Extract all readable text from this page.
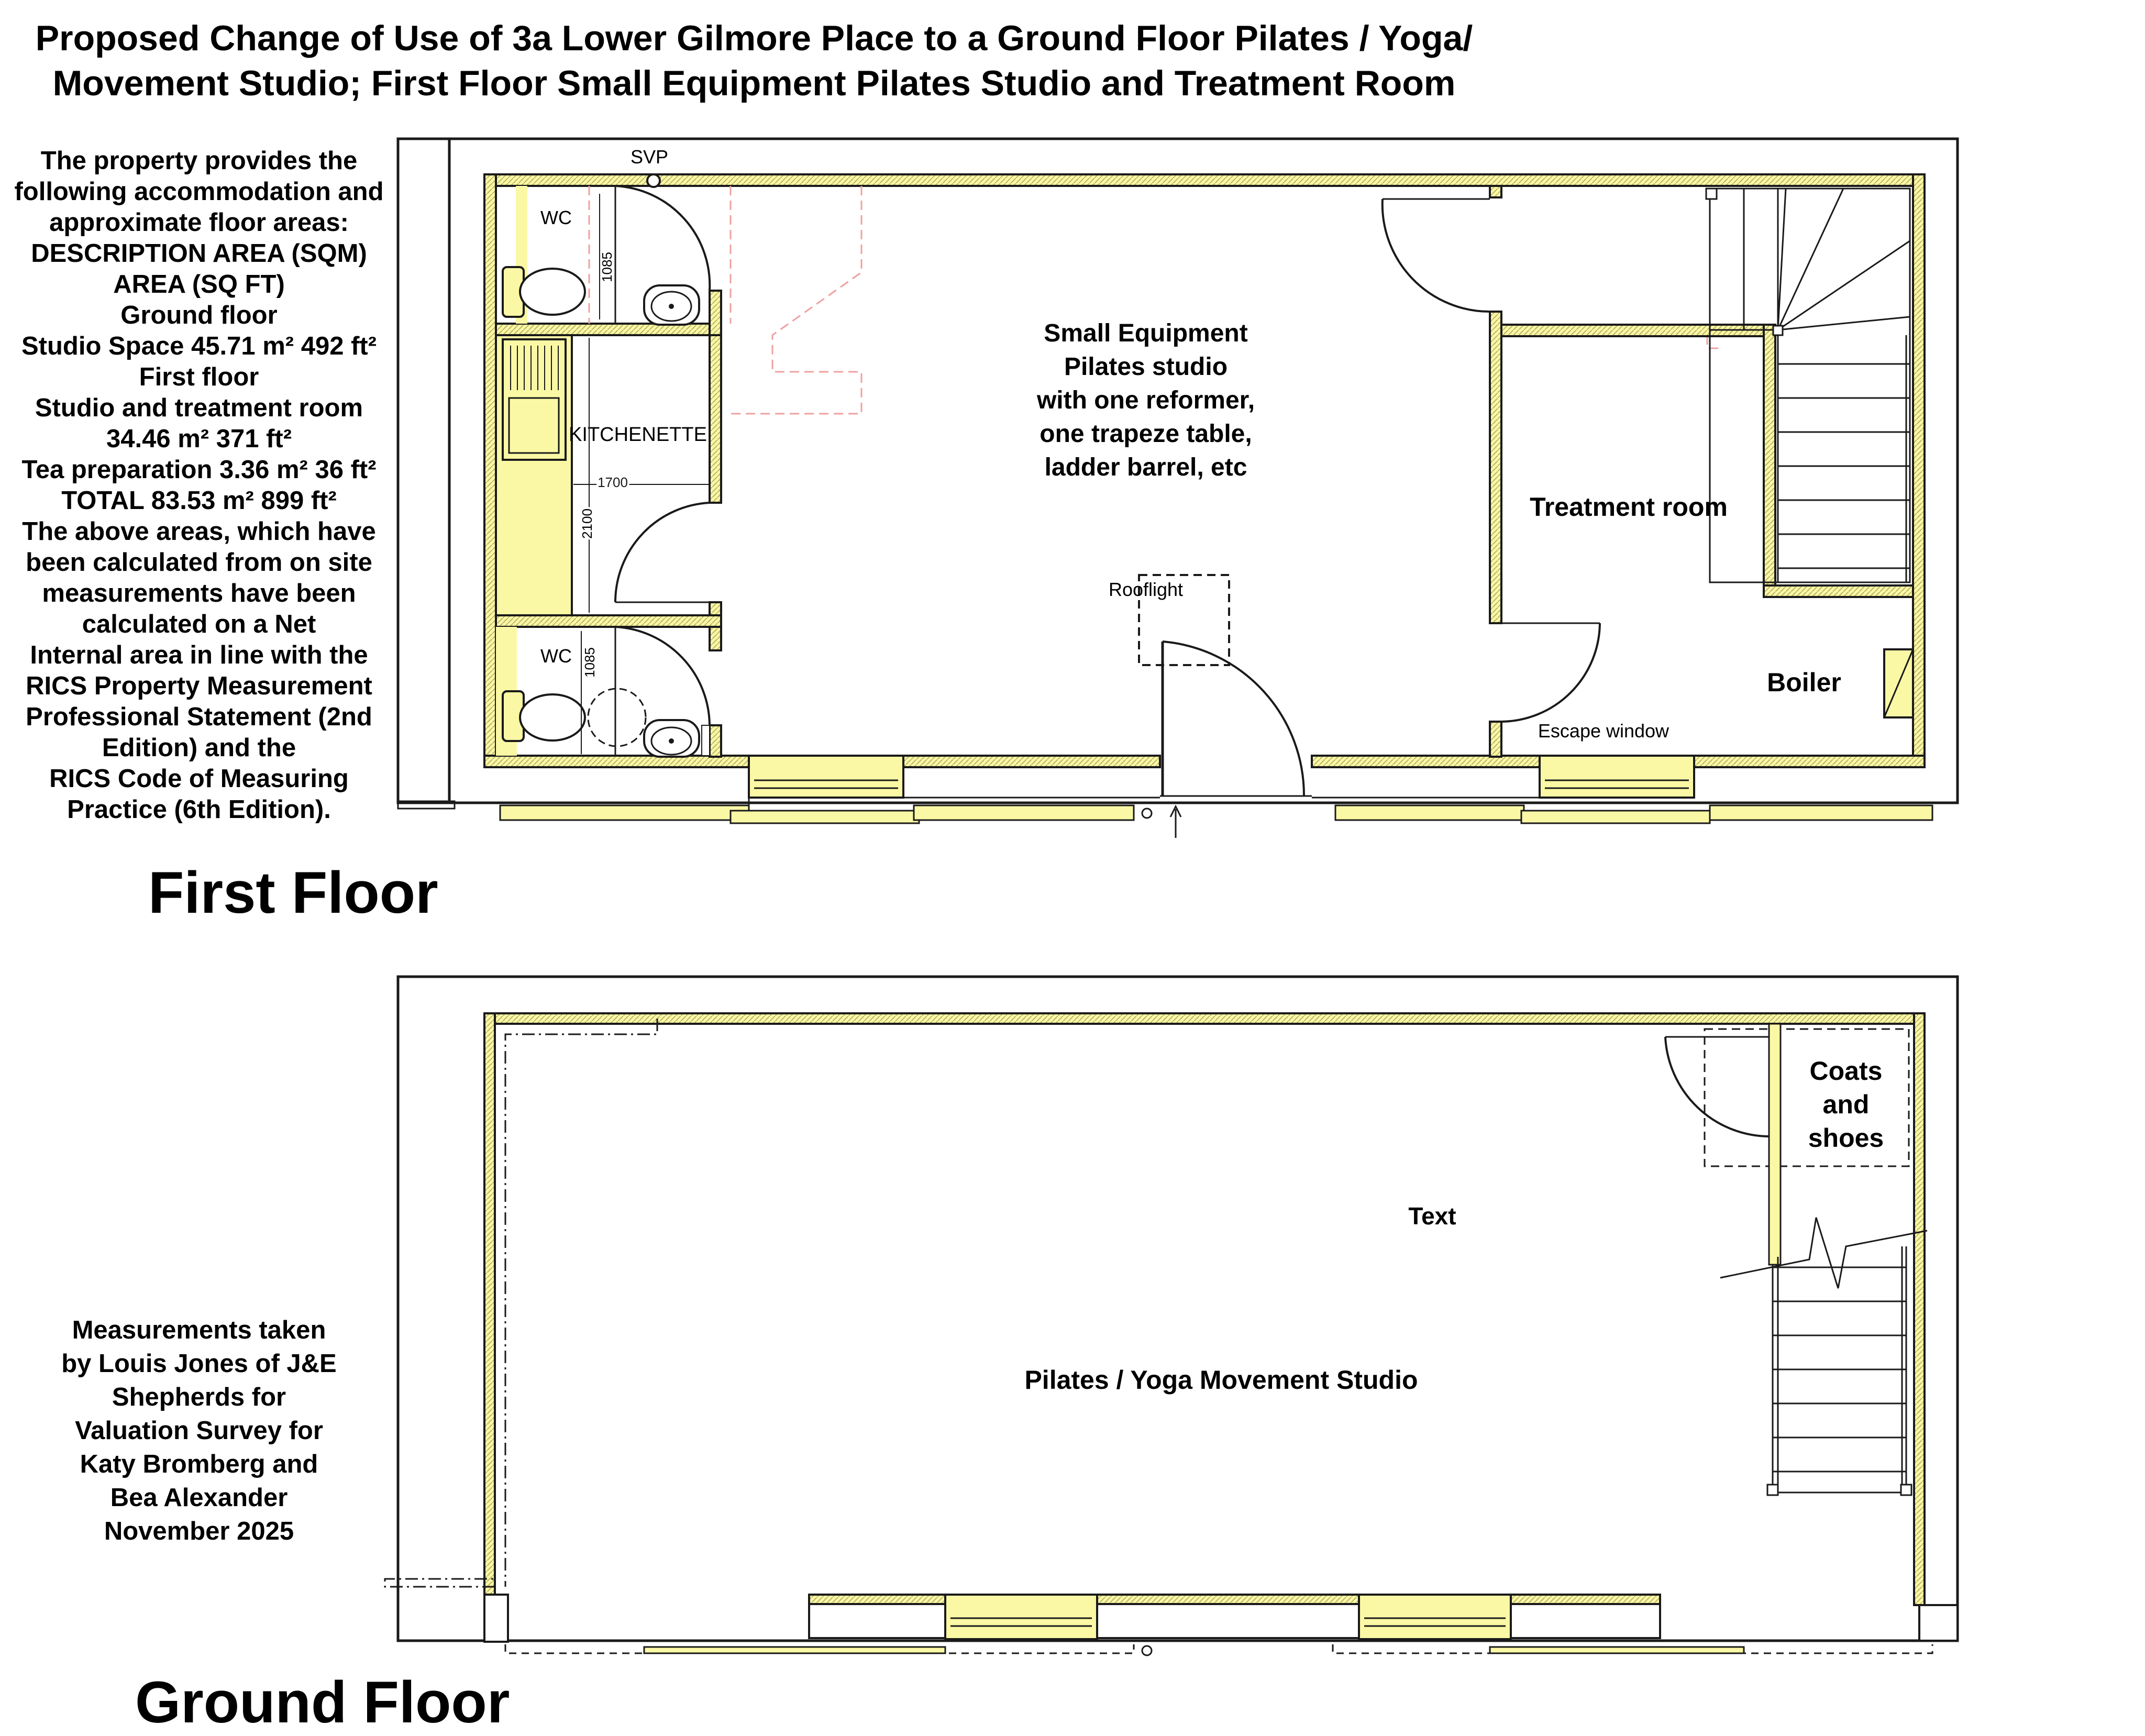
Proposed Change of Use of 3a Lower Gilmore Place to a Ground Floor Pilates / Yoga/
Movement Studio; First Floor Small Equipment Pilates Studio and Treatment Room
The property provides the
following accommodation and
approximate floor areas:
DESCRIPTION AREA (SQM)
AREA (SQ FT)
Ground floor
Studio Space 45.71 m² 492 ft²
First floor
Studio and treatment room
34.46 m² 371 ft²
Tea preparation 3.36 m² 36 ft²
TOTAL 83.53 m² 899 ft²
The above areas, which have
been calculated from on site
measurements have been
calculated on a Net
Internal area in line with the
RICS Property Measurement
Professional Statement (2nd
Edition) and the
RICS Code of Measuring
Practice (6th Edition).
Measurements taken
by Louis Jones of J&E
Shepherds for
Valuation Survey for
Katy Bromberg and
Bea Alexander
November 2025
First Floor
Ground Floor
SVP
WC
1085
KITCHENETTE
1700
2100
WC 1085
Rooflight
Small Equipment Pilates studio with one reformer, one trapeze table, ladder barrel, etc
Treatment room
Boiler
Escape window
Coats and shoes
Text
Pilates / Yoga Movement Studio
